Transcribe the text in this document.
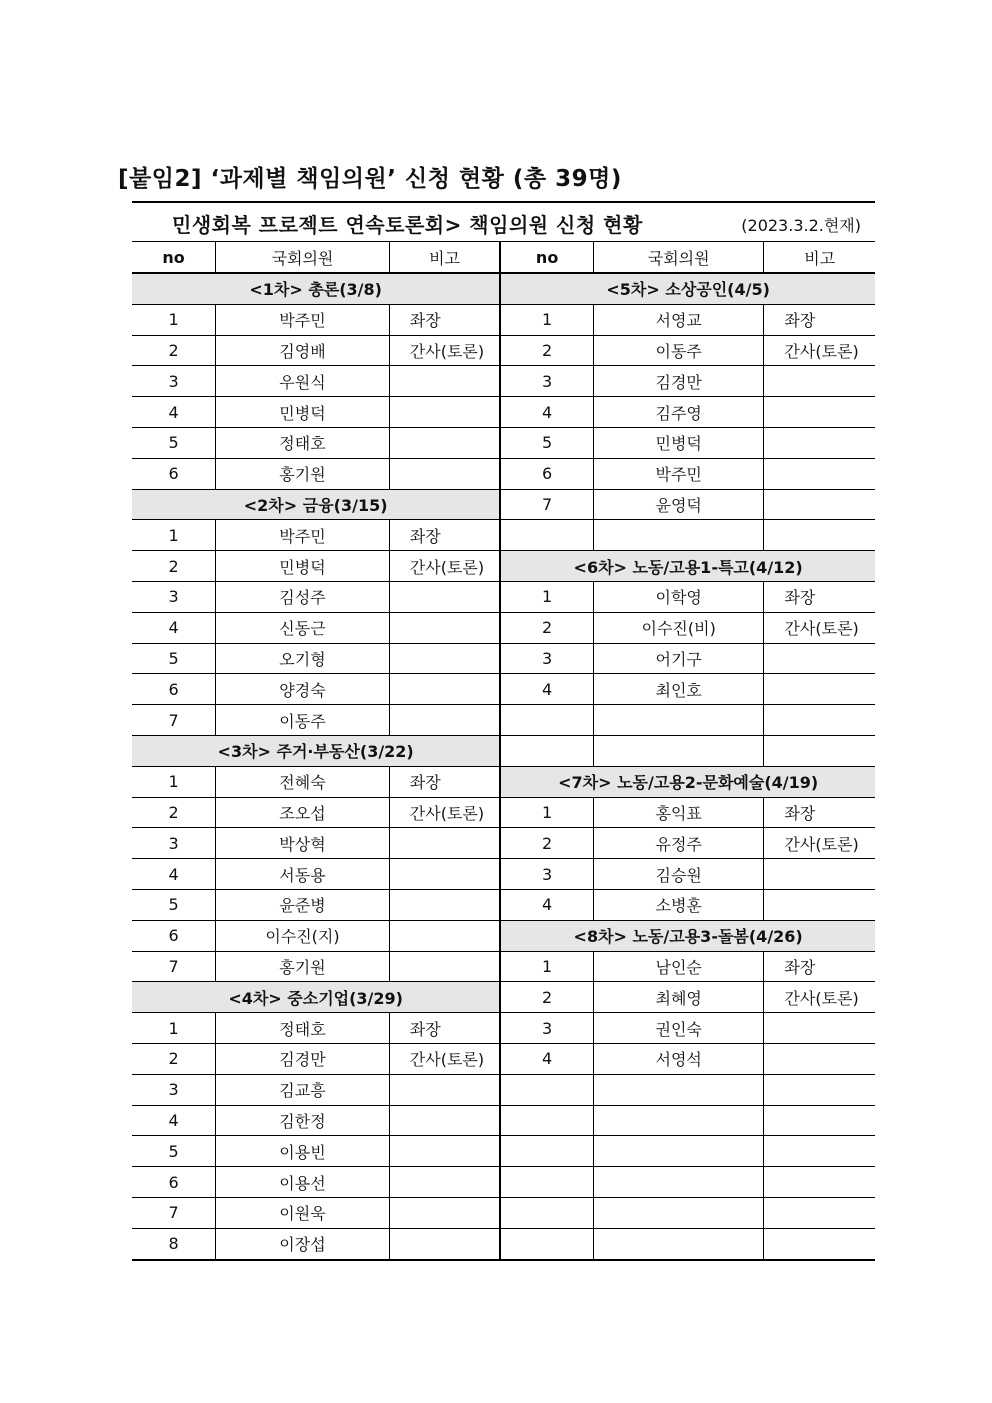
[붙임2] ‘과제별 책임의원’ 신청 현황 (총 39명)
민생회복 프로젝트 연속토론회> 책임의원 신청 현황	(2023.3.2.현재)
no	국회의원	비고	no	국회의원	비고
<1차> 총론(3/8)			<5차> 소상공인(4/5)		
1	박주민	좌장	1	서영교	좌장
2	김영배	간사(토론)	2	이동주	간사(토론)
3	우원식		3	김경만	
4	민병덕		4	김주영	
5	정태호		5	민병덕	
6	홍기원		6	박주민	
<2차> 금융(3/15)			7	윤영덕	
1	박주민	좌장			
2	민병덕	간사(토론)	<6차> 노동/고용1-특고(4/12)		
3	김성주		1	이학영	좌장
4	신동근		2	이수진(비)	간사(토론)
5	오기형		3	어기구	
6	양경숙		4	최인호	
7	이동주				
<3차> 주거·부동산(3/22)					
1	전혜숙	좌장	<7차> 노동/고용2-문화예술(4/19)		
2	조오섭	간사(토론)	1	홍익표	좌장
3	박상혁		2	유정주	간사(토론)
4	서동용		3	김승원	
5	윤준병		4	소병훈	
6	이수진(지)		<8차> 노동/고용3-돌봄(4/26)		
7	홍기원		1	남인순	좌장
<4차> 중소기업(3/29)			2	최혜영	간사(토론)
1	정태호	좌장	3	권인숙	
2	김경만	간사(토론)	4	서영석	
3	김교흥				
4	김한정				
5	이용빈				
6	이용선				
7	이원욱				
8	이장섭				
